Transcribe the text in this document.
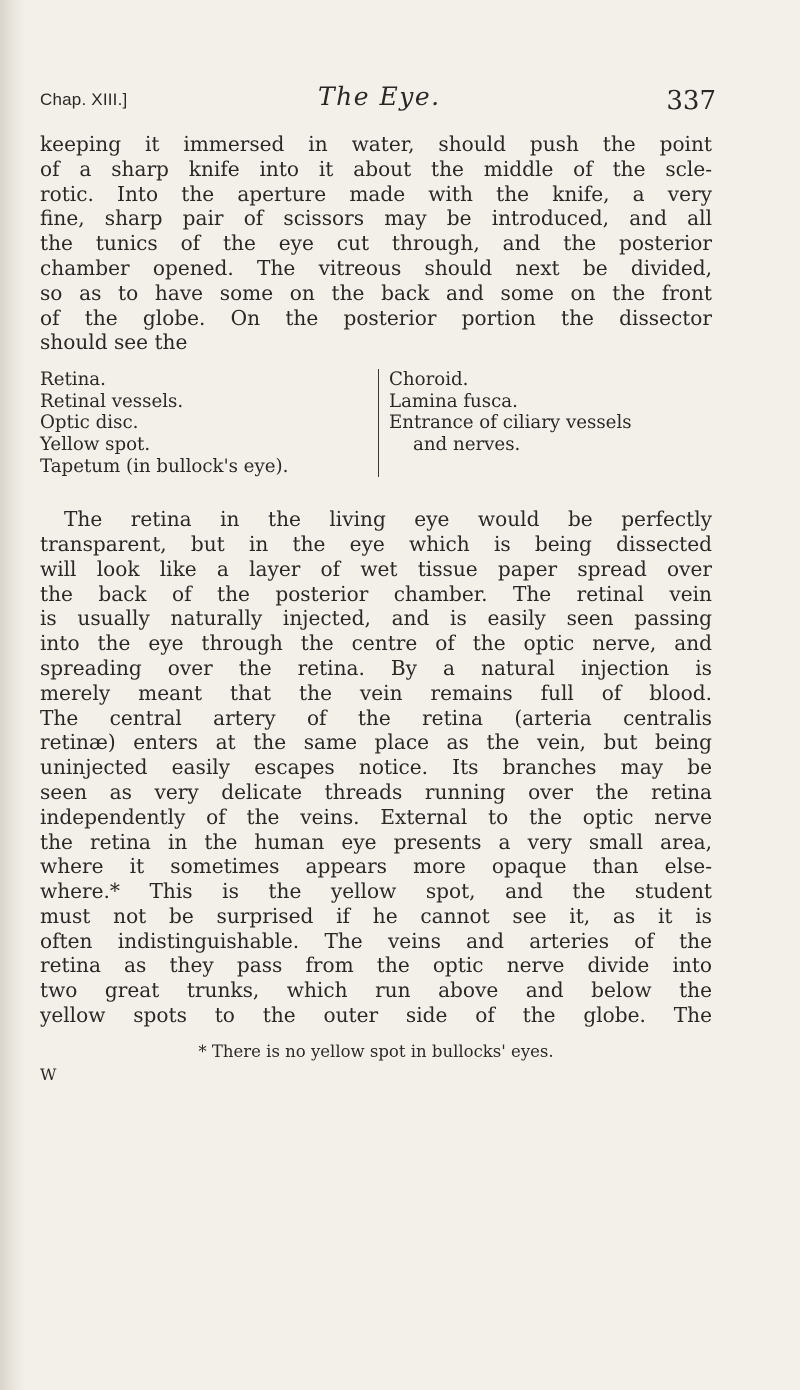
Chap. XIII.]	The Eye.	337
keeping it immersed in water, should push the point
of a sharp knife into it about the middle of the scle-
rotic. Into the aperture made with the knife, a very
fine, sharp pair of scissors may be introduced, and all
the tunics of the eye cut through, and the posterior
chamber opened. The vitreous should next be divided,
so as to have some on the back and some on the front
of the globe. On the posterior portion the dissector
should see the
Retina.
Retinal vessels.
Optic disc.
Yellow spot.
Tapetum (in bullock's eye).
Choroid.
Lamina fusca.
Entrance of ciliary vessels
and nerves.
The retina in the living eye would be perfectly
transparent, but in the eye which is being dissected
will look like a layer of wet tissue paper spread over
the back of the posterior chamber. The retinal vein
is usually naturally injected, and is easily seen passing
into the eye through the centre of the optic nerve, and
spreading over the retina. By a natural injection is
merely meant that the vein remains full of blood.
The central artery of the retina (arteria centralis
retinæ) enters at the same place as the vein, but being
uninjected easily escapes notice. Its branches may be
seen as very delicate threads running over the retina
independently of the veins. External to the optic nerve
the retina in the human eye presents a very small area,
where it sometimes appears more opaque than else-
where.* This is the yellow spot, and the student
must not be surprised if he cannot see it, as it is
often indistinguishable. The veins and arteries of the
retina as they pass from the optic nerve divide into
two great trunks, which run above and below the
yellow spots to the outer side of the globe. The
* There is no yellow spot in bullocks' eyes.
W
